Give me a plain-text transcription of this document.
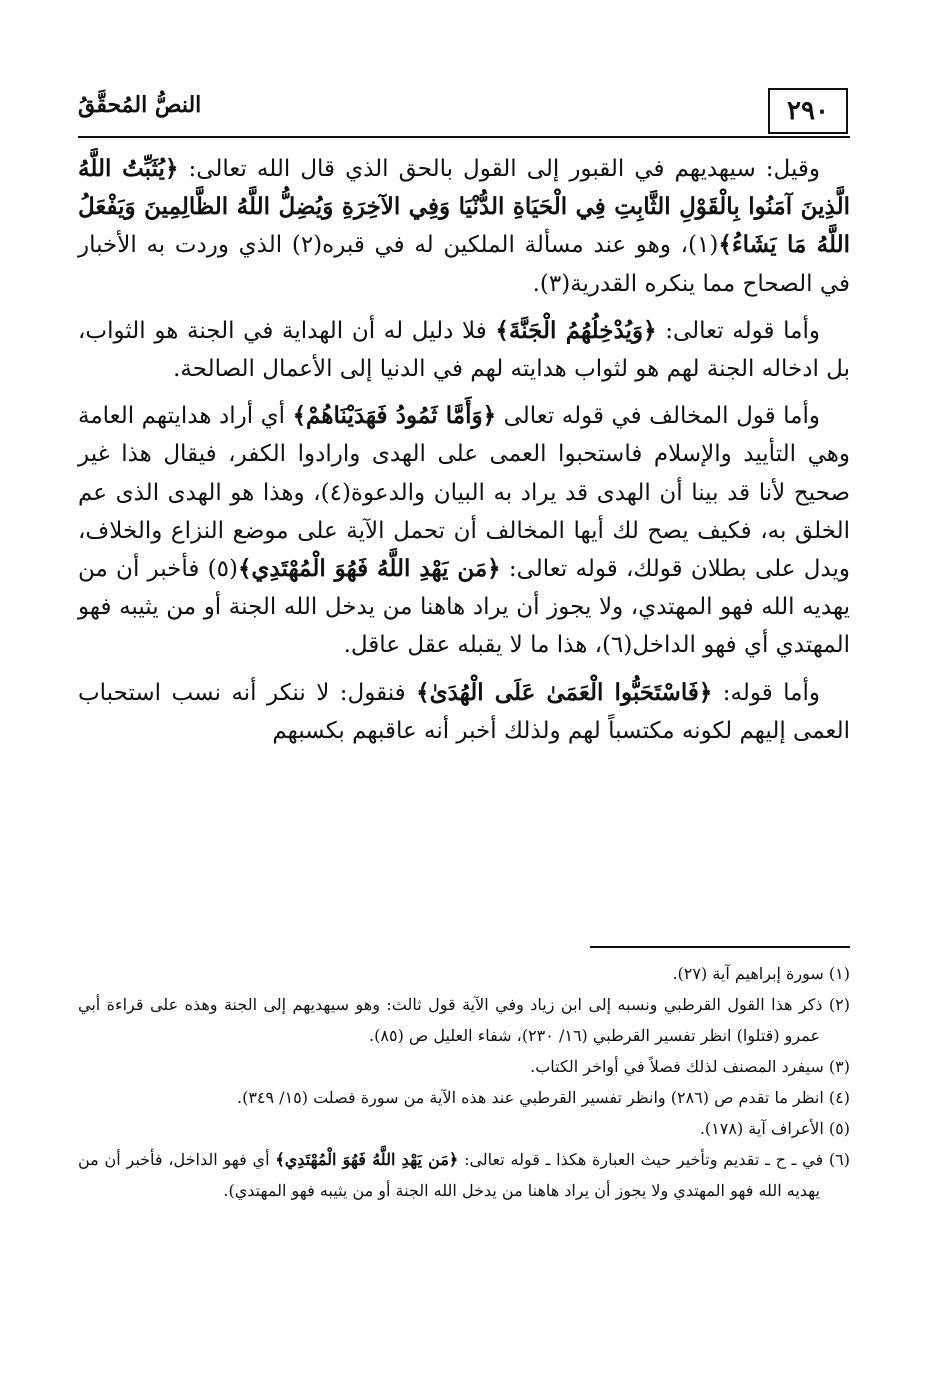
النصُّ المُحقَّقُ	٢٩٠

وقيل: سيهديهم في القبور إلى القول بالحق الذي قال الله تعالى: ﴿يُثَبِّتُ اللَّهُ الَّذِينَ آمَنُوا بِالْقَوْلِ الثَّابِتِ فِي الْحَيَاةِ الدُّنْيَا وَفِي الآخِرَةِ وَيُضِلُّ اللَّهُ الظَّالِمِينَ وَيَفْعَلُ اللَّهُ مَا يَشَاءُ﴾(١)، وهو عند مسألة الملكين له في قبره(٢) الذي وردت به الأخبار في الصحاح مما ينكره القدرية(٣).

وأما قوله تعالى: ﴿وَيُدْخِلُهُمُ الْجَنَّةَ﴾ فلا دليل له أن الهداية في الجنة هو الثواب، بل ادخاله الجنة لهم هو لثواب هدايته لهم في الدنيا إلى الأعمال الصالحة.

وأما قول المخالف في قوله تعالى ﴿وَأَمَّا ثَمُودُ فَهَدَيْنَاهُمْ﴾ أي أراد هدايتهم العامة وهي التأييد والإسلام فاستحبوا العمى على الهدى وارادوا الكفر، فيقال هذا غير صحيح لأنا قد بينا أن الهدى قد يراد به البيان والدعوة(٤)، وهذا هو الهدى الذى عم الخلق به، فكيف يصح لك أيها المخالف أن تحمل الآية على موضع النزاع والخلاف، ويدل على بطلان قولك، قوله تعالى: ﴿مَن يَهْدِ اللَّهُ فَهُوَ الْمُهْتَدِي﴾(٥) فأخبر أن من يهديه الله فهو المهتدي، ولا يجوز أن يراد هاهنا من يدخل الله الجنة أو من يثيبه فهو المهتدي أي فهو الداخل(٦)، هذا ما لا يقبله عقل عاقل.

وأما قوله: ﴿فَاسْتَحَبُّوا الْعَمَىٰ عَلَى الْهُدَىٰ﴾ فنقول: لا ننكر أنه نسب استحباب العمى إليهم لكونه مكتسباً لهم ولذلك أخبر أنه عاقبهم بكسبهم

(١) سورة إبراهيم آية (٢٧).

(٢) ذكر هذا القول القرطبي ونسبه إلى ابن زياد وفي الآية قول ثالث: وهو سيهديهم إلى الجنة وهذه على قراءة أبي عمرو (قتلوا) انظر تفسير القرطبي (١٦/ ٢٣٠)، شفاء العليل ص (٨٥).

(٣) سيفرد المصنف لذلك فصلاً في أواخر الكتاب.

(٤) انظر ما تقدم ص (٢٨٦) وانظر تفسير القرطبي عند هذه الآية من سورة فصلت (١٥/ ٣٤٩).

(٥) الأعراف آية (١٧٨).

(٦) في ـ ح ـ تقديم وتأخير حيث العبارة هكذا ـ قوله تعالى: ﴿مَن يَهْدِ اللَّهُ فَهُوَ الْمُهْتَدِي﴾ أي فهو الداخل، فأخبر أن من يهديه الله فهو المهتدي ولا يجوز أن يراد هاهنا من يدخل الله الجنة أو من يثيبه فهو المهتدي).
